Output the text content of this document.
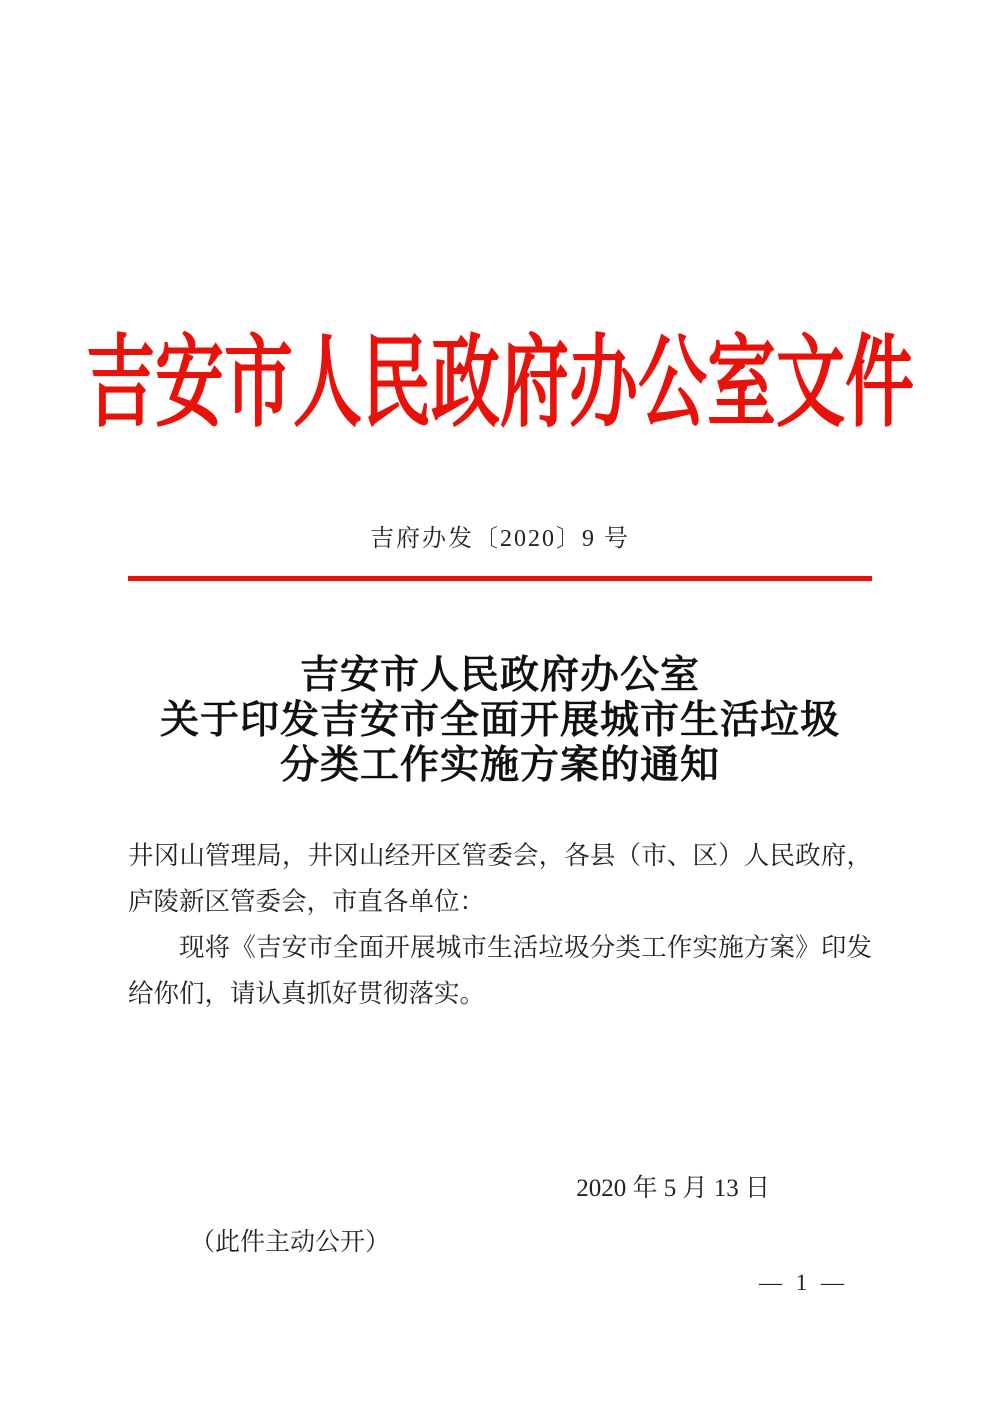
吉安市人民政府办公室文件
吉府办发〔2020〕9 号
吉安市人民政府办公室
关于印发吉安市全面开展城市生活垃圾
分类工作实施方案的通知

井冈山管理局，井冈山经开区管委会，各县（市、区）人民政府，庐陵新区管委会，市直各单位：

现将《吉安市全面开展城市生活垃圾分类工作实施方案》印发给你们，请认真抓好贯彻落实。

2020 年 5 月 13 日
（此件主动公开）
— 1 —
